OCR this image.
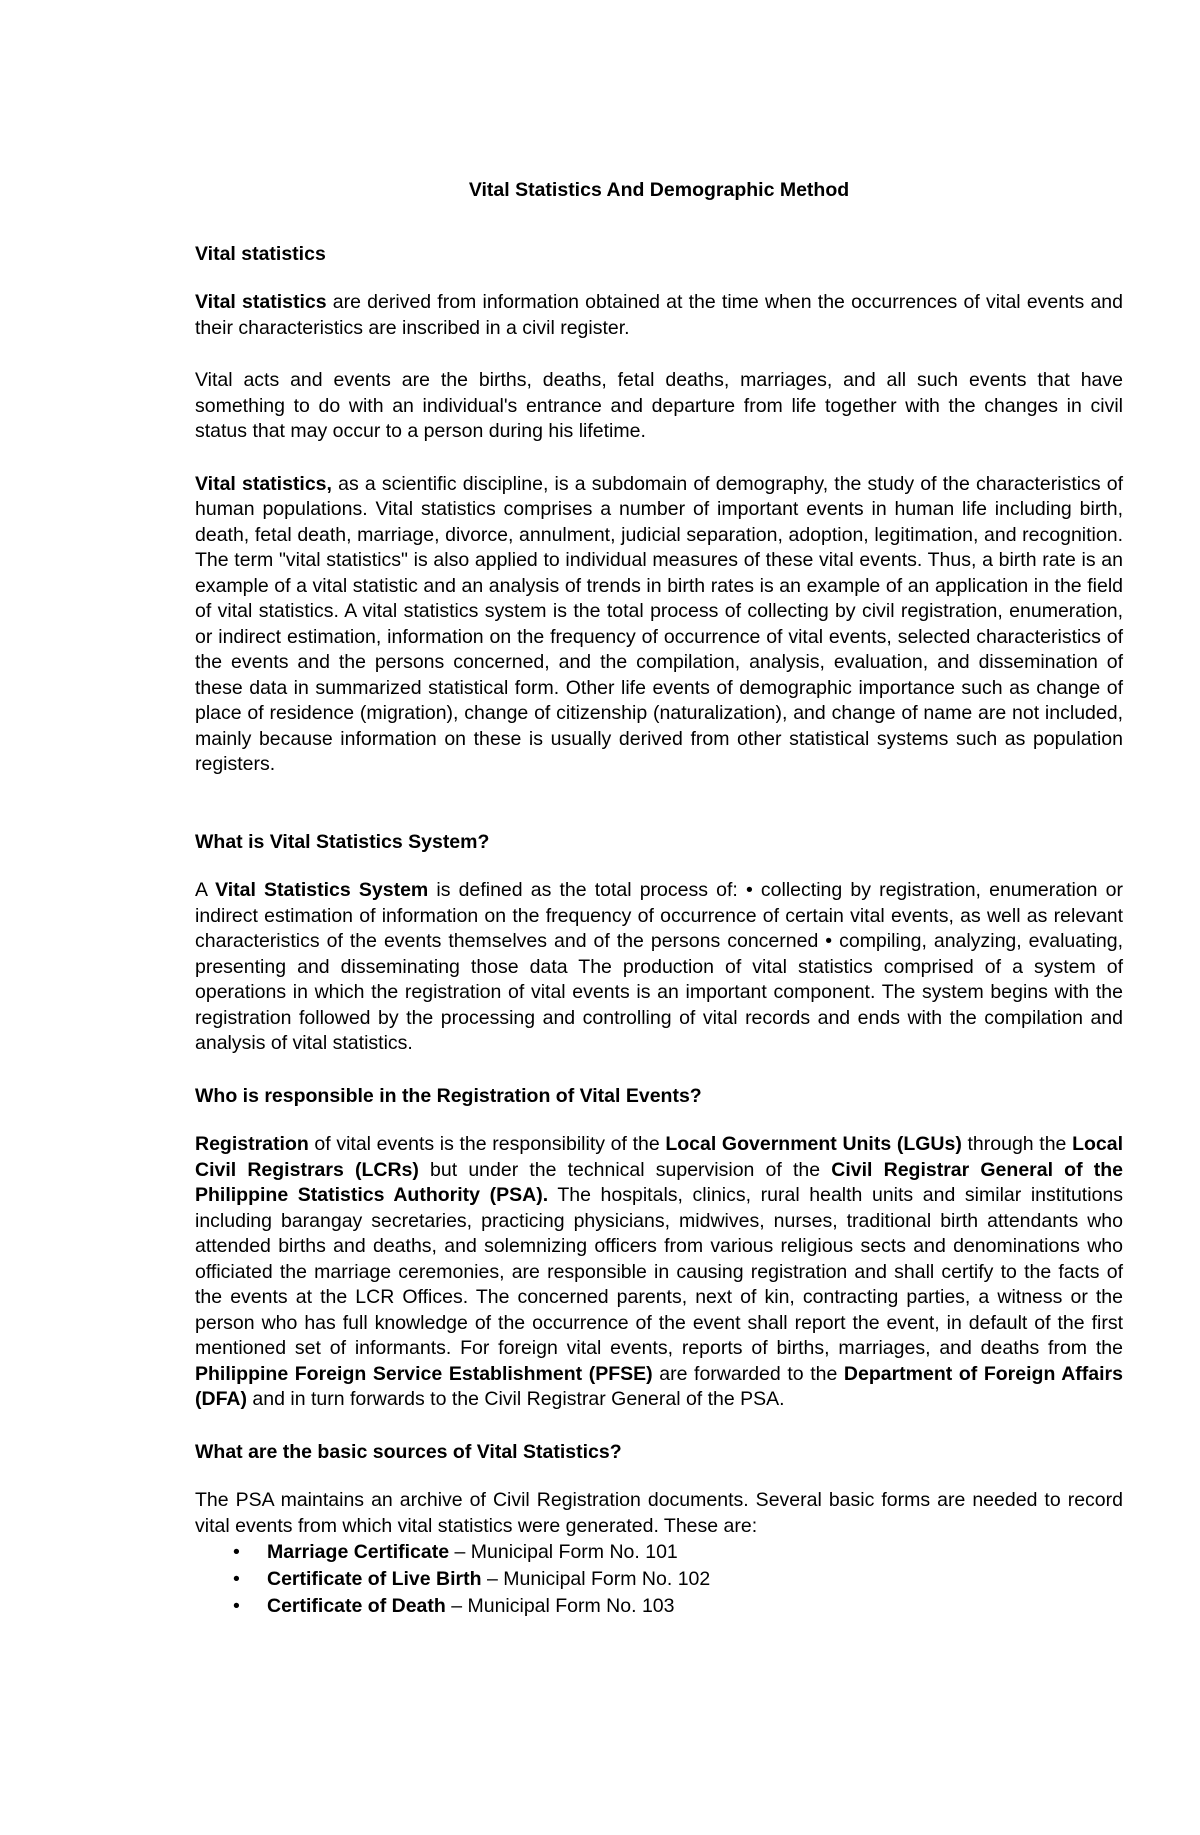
Vital Statistics And Demographic Method
Vital statistics

Vital statistics are derived from information obtained at the time when the occurrences of vital events and their characteristics are inscribed in a civil register.

Vital acts and events are the births, deaths, fetal deaths, marriages, and all such events that have something to do with an individual's entrance and departure from life together with the changes in civil status that may occur to a person during his lifetime.

Vital statistics, as a scientific discipline, is a subdomain of demography, the study of the characteristics of human populations. Vital statistics comprises a number of important events in human life including birth, death, fetal death, marriage, divorce, annulment, judicial separation, adoption, legitimation, and recognition. The term "vital statistics" is also applied to individual measures of these vital events. Thus, a birth rate is an example of a vital statistic and an analysis of trends in birth rates is an example of an application in the field of vital statistics. A vital statistics system is the total process of collecting by civil registration, enumeration, or indirect estimation, information on the frequency of occurrence of vital events, selected characteristics of the events and the persons concerned, and the compilation, analysis, evaluation, and dissemination of these data in summarized statistical form. Other life events of demographic importance such as change of place of residence (migration), change of citizenship (naturalization), and change of name are not included, mainly because information on these is usually derived from other statistical systems such as population registers.

What is Vital Statistics System?

A Vital Statistics System is defined as the total process of: • collecting by registration, enumeration or indirect estimation of information on the frequency of occurrence of certain vital events, as well as relevant characteristics of the events themselves and of the persons concerned • compiling, analyzing, evaluating, presenting and disseminating those data The production of vital statistics comprised of a system of operations in which the registration of vital events is an important component. The system begins with the registration followed by the processing and controlling of vital records and ends with the compilation and analysis of vital statistics.

Who is responsible in the Registration of Vital Events?

Registration of vital events is the responsibility of the Local Government Units (LGUs) through the Local Civil Registrars (LCRs) but under the technical supervision of the Civil Registrar General of the Philippine Statistics Authority (PSA). The hospitals, clinics, rural health units and similar institutions including barangay secretaries, practicing physicians, midwives, nurses, traditional birth attendants who attended births and deaths, and solemnizing officers from various religious sects and denominations who officiated the marriage ceremonies, are responsible in causing registration and shall certify to the facts of the events at the LCR Offices. The concerned parents, next of kin, contracting parties, a witness or the person who has full knowledge of the occurrence of the event shall report the event, in default of the first mentioned set of informants. For foreign vital events, reports of births, marriages, and deaths from the Philippine Foreign Service Establishment (PFSE) are forwarded to the Department of Foreign Affairs (DFA) and in turn forwards to the Civil Registrar General of the PSA.

What are the basic sources of Vital Statistics?

The PSA maintains an archive of Civil Registration documents. Several basic forms are needed to record vital events from which vital statistics were generated. These are:

• Marriage Certificate – Municipal Form No. 101
• Certificate of Live Birth – Municipal Form No. 102
• Certificate of Death – Municipal Form No. 103
